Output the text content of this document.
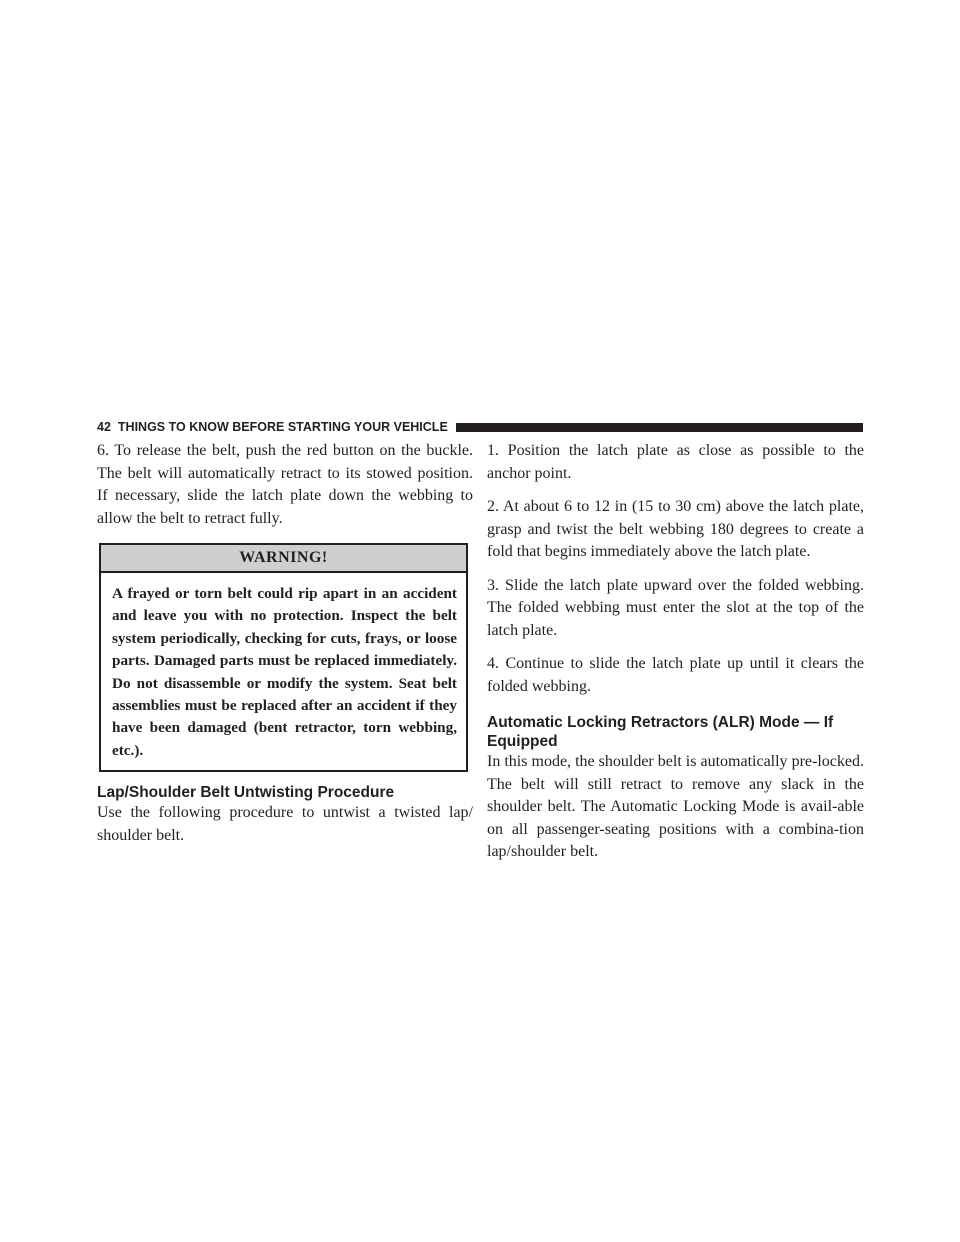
42 THINGS TO KNOW BEFORE STARTING YOUR VEHICLE

6. To release the belt, push the red button on the buckle. The belt will automatically retract to its stowed position. If necessary, slide the latch plate down the webbing to allow the belt to retract fully.

WARNING!
A frayed or torn belt could rip apart in an accident and leave you with no protection. Inspect the belt system periodically, checking for cuts, frays, or loose parts. Damaged parts must be replaced immediately. Do not disassemble or modify the system. Seat belt assemblies must be replaced after an accident if they have been damaged (bent retractor, torn webbing, etc.).
Lap/Shoulder Belt Untwisting Procedure

Use the following procedure to untwist a twisted lap/ shoulder belt.

1. Position the latch plate as close as possible to the anchor point.

2. At about 6 to 12 in (15 to 30 cm) above the latch plate, grasp and twist the belt webbing 180 degrees to create a fold that begins immediately above the latch plate.

3. Slide the latch plate upward over the folded webbing. The folded webbing must enter the slot at the top of the latch plate.

4. Continue to slide the latch plate up until it clears the folded webbing.

Automatic Locking Retractors (ALR) Mode — If Equipped

In this mode, the shoulder belt is automatically pre-locked. The belt will still retract to remove any slack in the shoulder belt. The Automatic Locking Mode is avail-able on all passenger-seating positions with a combina-tion lap/shoulder belt.
